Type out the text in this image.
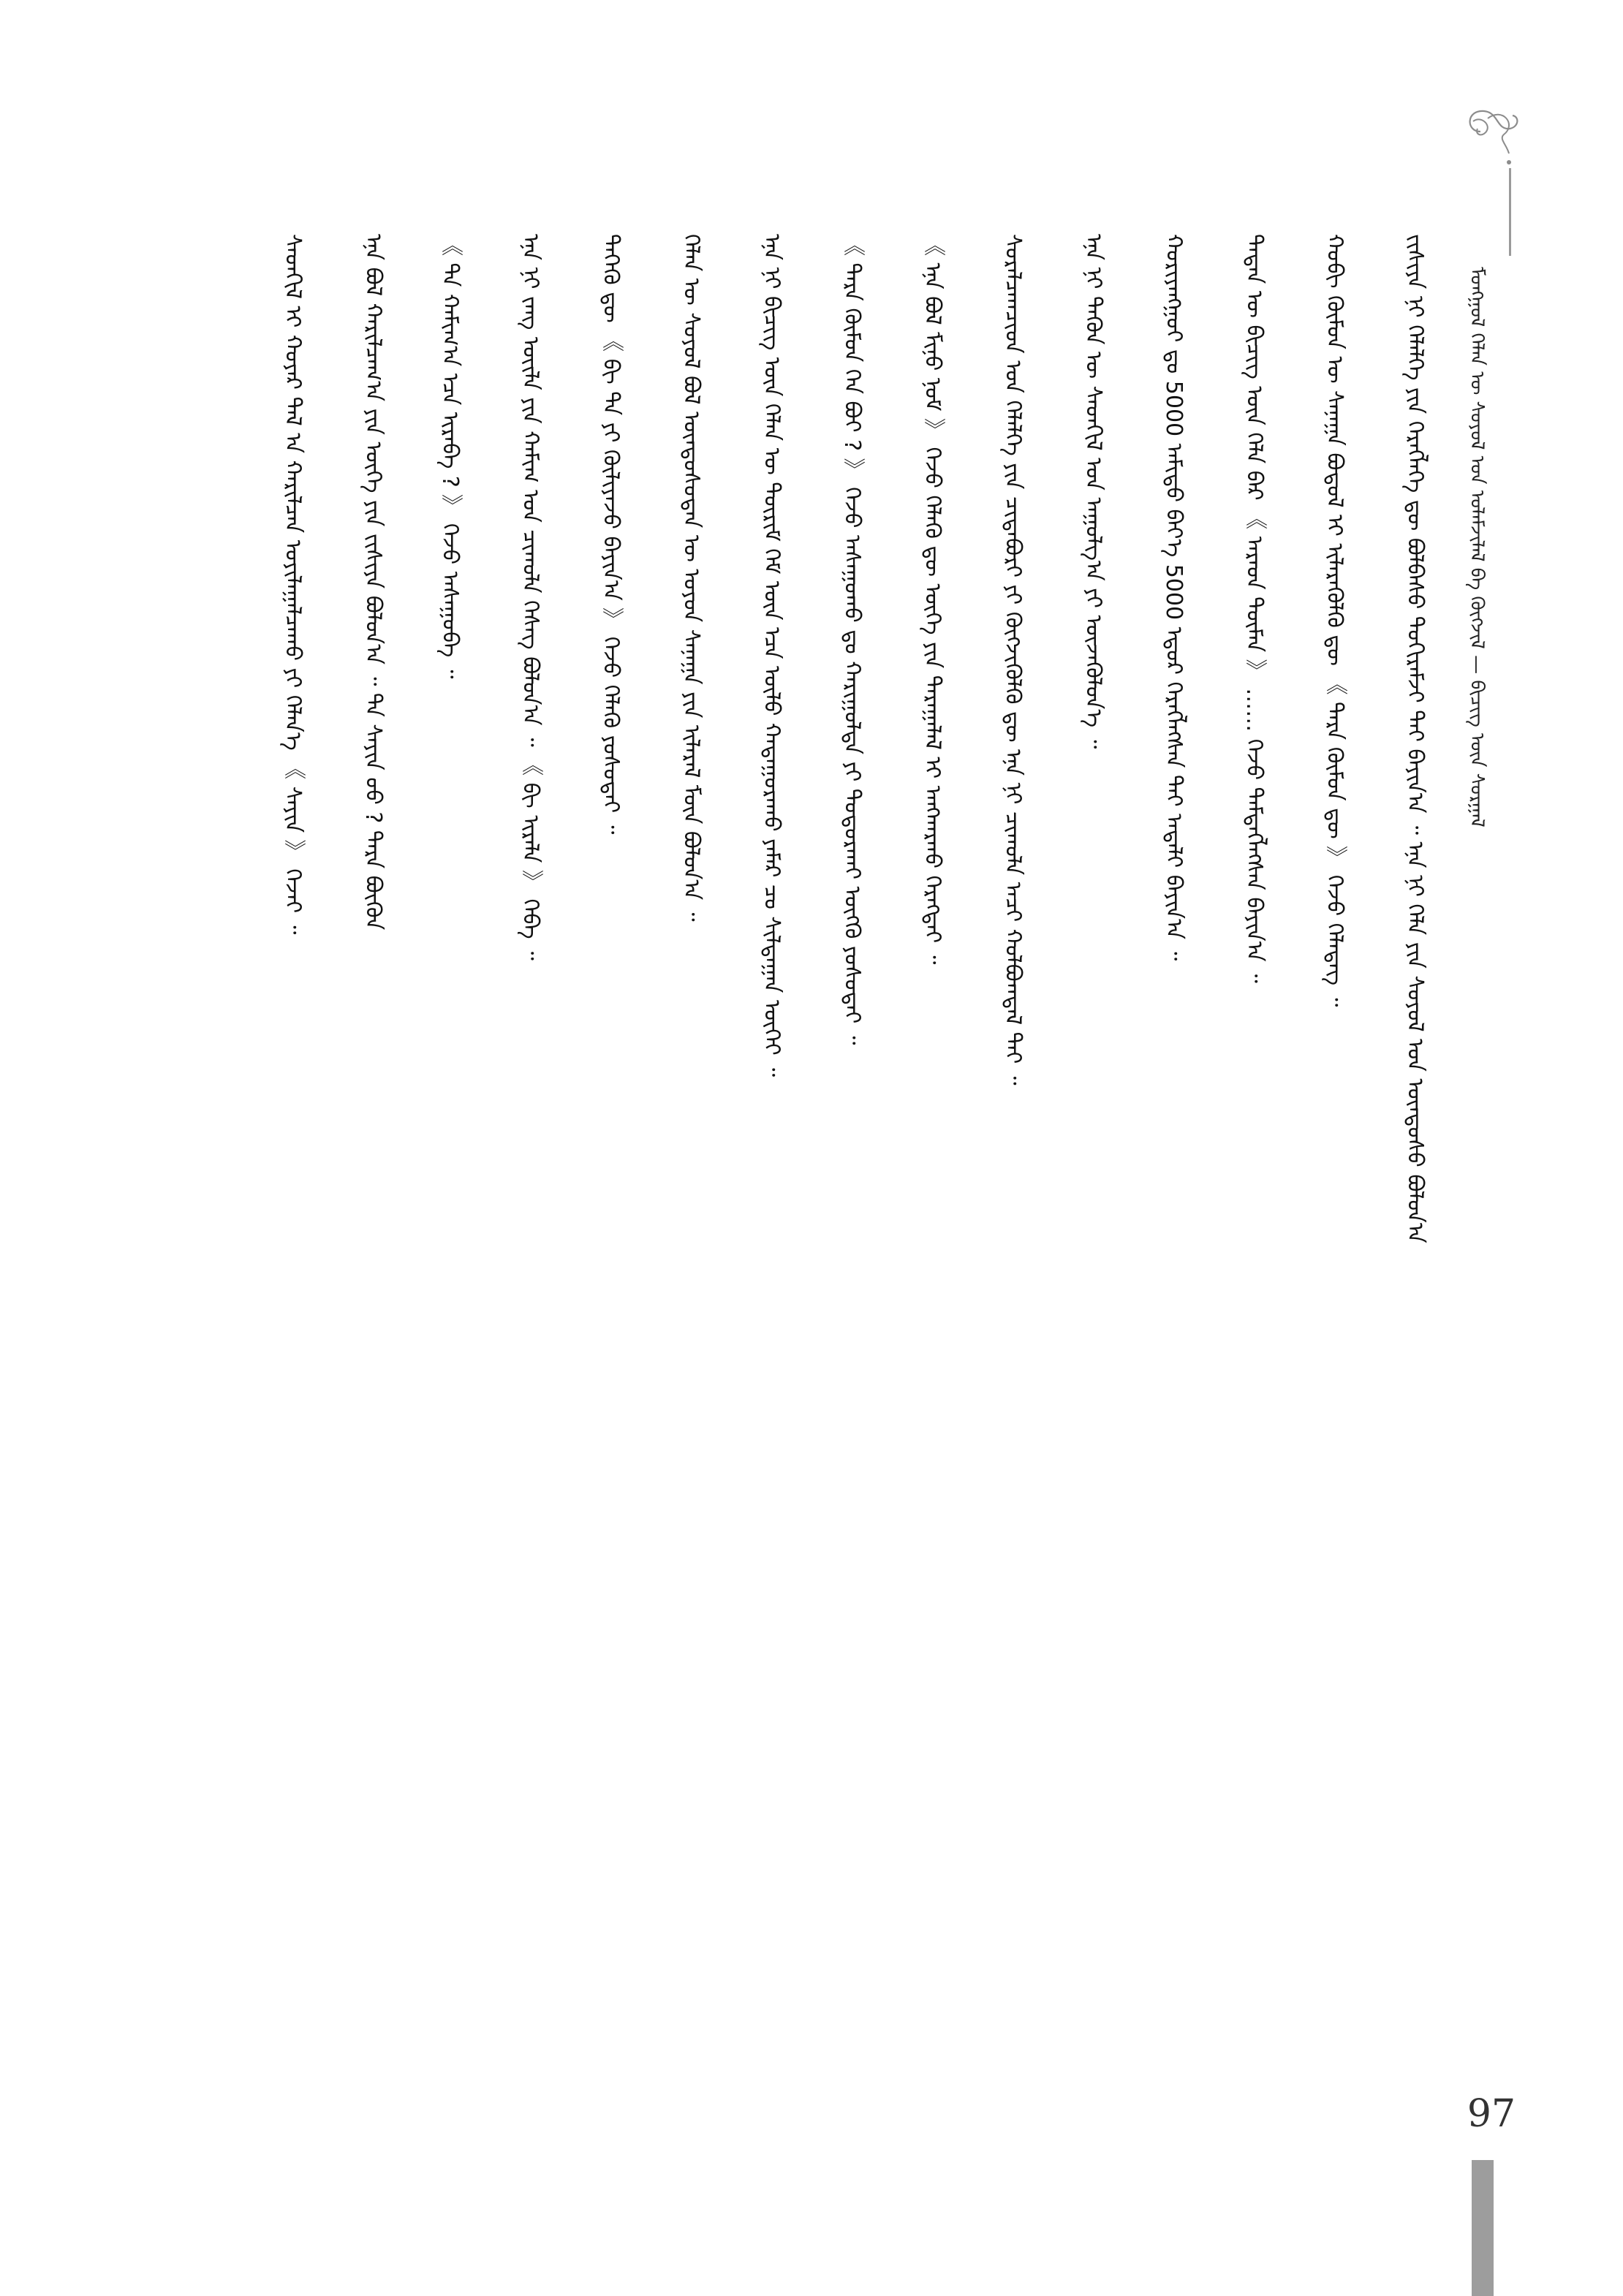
ᠮᠣᠩᠭᠣᠯ ᠬᠡᠯᠡᠨ ᠦ ᠰᠣᠶᠣᠯ ᠤᠨ ᠤᠯᠠᠮᠵᠢᠯᠠᠯ ᠪᠠ ᠬᠥᠭᠵᠢᠯ — ᠪᠢᠴᠢᠭ ᠦᠨ ᠰᠤᠷᠭᠠᠯ
ᠵᠢᠱᠢᠶᠡ ᠨᠢ ᠬᠡᠯᠡᠯᠭᠡ ᠶᠢᠨ ᠬᠡᠷᠡᠭᠯᠡᠭᠡ ᠳᠦ ᠪᠣᠯᠪᠠᠰᠤ ᠲᠣᠬᠢᠷᠠᠮᠵᠢ ᠲᠠᠢ ᠪᠠᠶᠢᠨ᠎ᠠ ᠃ ᠡᠨᠡ ᠨᠢ ᠬᠡᠯᠡ ᠶᠢᠨ ᠰᠣᠶᠣᠯ ᠤᠨ ᠦᠨᠳᠦᠰᠦ ᠪᠣᠯᠤᠨ᠎ᠠ
ᠬᠤᠪᠢ ᠬᠥᠮᠦᠨ ᠦ ᠰᠠᠨᠠᠭᠠ ᠪᠣᠳᠤᠯ ᠢ ᠢᠯᠡᠷᠡᠭᠦᠯᠬᠦ ᠳᠦ 《 ᠲᠡᠷᠡ ᠬᠦᠮᠦᠨ ᠳᠦ 》 ᠭᠡᠵᠦ ᠬᠡᠯᠡᠳᠡᠭ ᠃
ᠲᠡᠳᠡᠨ ᠦ ᠪᠢᠴᠢᠭ ᠦᠨ ᠬᠡᠯᠡ ᠪᠡᠷ 《 ᠠᠷᠠᠳ ᠲᠦᠮᠡᠨ 》 …… ᠭᠡᠵᠦ ᠲᠡᠮᠳᠡᠭᠯᠡᠭᠰᠡᠨ ᠪᠠᠶᠢᠨ᠎ᠠ ᠃
ᠬᠤᠷᠢᠶᠠᠩᠭᠤᠶ ᠳᠤ 5000 ᠠᠮᠢᠳᠤ ᠪᠡᠶ᠎ᠡ 5000 ᠡᠳᠦᠷ ᠬᠡᠷᠡᠭᠯᠡᠭᠰᠡᠨ ᠲᠠᠢ ᠠᠳᠠᠯᠢ ᠪᠠᠶᠢᠨ᠎ᠠ ᠃
ᠡᠨᠡ ᠨᠢ ᠲᠡᠭᠦᠨ ᠦ ᠰᠡᠳᠬᠢᠯ ᠤᠨ ᠠᠭᠤᠯᠭ᠎ᠠ ᠶᠢ ᠦᠵᠡᠭᠦᠯᠦᠨ᠎ᠡ ᠃
ᠰᠤᠷᠠᠯᠴᠠᠭᠴᠢᠳ ᠤᠨ ᠬᠡᠯᠡᠯᠭᠡ ᠶᠢᠨ ᠴᠢᠳᠠᠪᠤᠷᠢ ᠶᠢ ᠬᠥᠭᠵᠢᠭᠦᠯᠬᠦ ᠳᠦ ᠡᠨᠡ ᠨᠢ ᠴᠢᠬᠤᠯᠠ ᠠᠴᠢ ᠬᠣᠯᠪᠣᠭᠳᠠᠯ ᠲᠠᠢ ᠃
《 ᠡᠨᠡ ᠪᠣᠯ ᠮᠢᠨᠦ ᠨᠣᠮ 》 ᠭᠡᠵᠦ ᠬᠡᠯᠡᠬᠦ ᠳᠦ ᠦᠭᠡ ᠶᠢᠨ ᠳᠠᠷᠠᠭᠠᠯᠠᠯ ᠢ ᠠᠩᠬᠠᠷᠬᠤ ᠬᠡᠷᠡᠭᠲᠡᠢ ᠃
《 ᠲᠡᠷᠡ ᠬᠦᠮᠦᠨ ᠬᠡᠨ ᠪᠤᠢ ? 》 ᠭᠡᠵᠦ ᠠᠰᠠᠭᠤᠬᠤ ᠳᠤ ᠬᠠᠷᠢᠭᠤᠯᠲᠠ ᠶᠢ ᠲᠣᠳᠣᠷᠬᠠᠢ ᠥᠭᠬᠦ ᠶᠣᠰᠣᠲᠠᠢ ᠃
ᠡᠨᠡ ᠨᠢ ᠪᠢᠴᠢᠭ ᠦᠨ ᠬᠡᠯᠡᠨ ᠦ ᠳᠦᠷᠢᠮ ᠬᠡᠮ ᠦᠨ ᠡᠴᠡ ᠦᠯᠦ ᠬᠠᠳᠠᠭᠤᠷᠠᠬᠤ ᠶᠠᠮᠠᠷ ᠴᠤ ᠰᠢᠯᠳᠠᠭᠠᠨ ᠦᠭᠡᠢ ᠃
ᠬᠡᠯᠡᠨ ᠦ ᠰᠣᠶᠣᠯ ᠪᠣᠯ ᠦᠨᠳᠦᠰᠦᠲᠡᠨ ᠦ ᠣᠶᠤᠨ ᠰᠠᠨᠠᠭᠠ ᠶᠢᠨ ᠢᠯᠡᠷᠡᠯ ᠮᠥᠨ ᠪᠣᠯᠤᠨ᠎ᠠ ᠃
ᠲᠡᠭᠡᠬᠦ ᠳᠦ 《 ᠪᠢ ᠲᠠ ᠶᠢ ᠬᠦᠯᠢᠶᠡᠵᠦ ᠪᠠᠶᠢᠨ᠎ᠠ 》 ᠭᠡᠵᠦ ᠬᠡᠯᠡᠬᠦ ᠶᠣᠰᠣᠲᠠᠢ ᠃
ᠡᠨᠡ ᠨᠢ ᠵᠠᠩ ᠦᠢᠯᠡ ᠶᠢᠨ ᠬᠠᠮᠢᠭ ᠤᠨ ᠴᠢᠬᠤᠯᠠ ᠬᠡᠰᠡᠭ ᠪᠣᠯᠤᠨ᠎ᠠ ᠃ 《 ᠪᠢ ᠢᠷᠡᠯᠡ 》 ᠭᠡᠪᠡ ᠃
《 ᠲᠠ ᠬᠠᠮᠢᠭ᠎ᠠ ᠡᠴᠡ ᠢᠷᠡᠪᠡ ? 》 ᠭᠡᠵᠦ ᠠᠰᠠᠭᠤᠪᠠ ᠃
ᠡᠨᠡ ᠪᠣᠯ ᠬᠠᠷᠢᠯᠴᠠᠭ᠎ᠠ ᠶᠢᠨ ᠦᠭᠡ ᠶᠢᠨ ᠵᠢᠱᠢᠶᠡ ᠪᠣᠯᠤᠨ᠎ᠠ ᠃ ᠲᠠ ᠰᠠᠶᠢᠨ ᠤᠤ ? ᠲᠡᠷᠡ ᠪᠦᠬᠦᠨ
ᠰᠡᠳᠬᠢᠯ ᠢ ᠬᠣᠶᠠᠷ ᠲᠠᠯ ᠠ ᠬᠠᠷᠢᠯᠴᠠᠨ ᠣᠶᠢᠯᠠᠭᠠᠯᠴᠠᠬᠤ ᠶᠢ ᠬᠡᠯᠡᠨ᠎ᠡ 《 ᠰᠠᠶᠢᠨ 》 ᠭᠡᠵᠡᠢ ᠃
97
